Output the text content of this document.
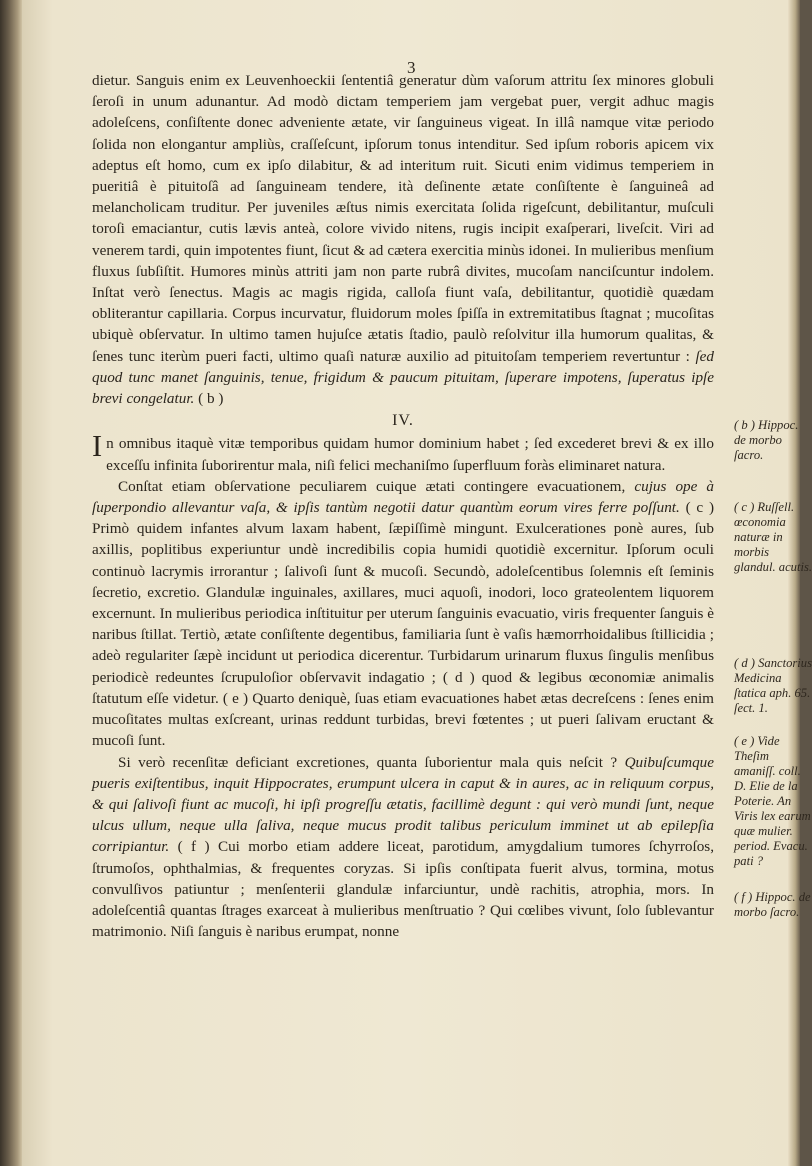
3

dietur. Sanguis enim ex Leuvenhoeckii ſententiâ generatur dùm vaſorum attritu ſex minores globuli ſeroſi in unum adunantur. Ad modò dictam temperiem jam vergebat puer, vergit adhuc magis adoleſcens, conſiſtente donec adveniente ætate, vir ſanguineus vigeat. In illâ namque vitæ periodo ſolida non elongantur ampliùs, craſſeſcunt, ipſorum tonus intenditur. Sed ipſum roboris apicem vix adeptus eſt homo, cum ex ipſo dilabitur, & ad interitum ruit. Sicuti enim vidimus temperiem in pueritiâ è pituitoſâ ad ſanguineam tendere, ità deſinente ætate conſiſtente è ſanguineâ ad melancholicam truditur. Per juveniles æſtus nimis exercitata ſolida rigeſcunt, debilitantur, muſculi toroſi emaciantur, cutis lævis anteà, colore vivido nitens, rugis incipit exaſperari, liveſcit. Viri ad venerem tardi, quin impotentes fiunt, ſicut & ad cætera exercitia minùs idonei. In mulieribus menſium fluxus ſubſiſtit. Humores minùs attriti jam non parte rubrâ divites, mucoſam nanciſcuntur indolem. Inſtat verò ſenectus. Magis ac magis rigida, calloſa fiunt vaſa, debilitantur, quotidiè quædam obliterantur capillaria. Corpus incurvatur, fluidorum moles ſpiſſa in extremitatibus ſtagnat ; mucoſitas ubiquè obſervatur. In ultimo tamen hujuſce ætatis ſtadio, paulò reſolvitur illa humorum qualitas, & ſenes tunc iterùm pueri facti, ultimo quaſi naturæ auxilio ad pituitoſam temperiem revertuntur : ſed quod tunc manet ſanguinis, tenue, frigidum & paucum pituitam, ſuperare impotens, ſuperatus ipſe brevi congelatur. ( b )

IV.

In omnibus itaquè vitæ temporibus quidam humor dominium habet ; ſed excederet brevi & ex illo exceſſu infinita ſuborirentur mala, niſi felici mechaniſmo ſuperfluum foràs eliminaret natura.

Conſtat etiam obſervatione peculiarem cuique ætati contingere evacuationem, cujus ope à ſuperpondio allevantur vaſa, & ipſis tantùm negotii datur quantùm eorum vires ferre poſſunt. ( c ) Primò quidem infantes alvum laxam habent, ſæpiſſimè mingunt. Exulcerationes ponè aures, ſub axillis, poplitibus experiuntur undè incredibilis copia humidi quotidiè excernitur. Ipſorum oculi continuò lacrymis irrorantur ; ſalivoſi ſunt & mucoſi. Secundò, adoleſcentibus ſolemnis eſt ſeminis ſecretio, excretio. Glandulæ inguinales, axillares, muci aquoſi, inodori, loco grateolentem liquorem excernunt. In mulieribus periodica inſtituitur per uterum ſanguinis evacuatio, viris frequenter ſanguis è naribus ſtillat. Tertiò, ætate conſiſtente degentibus, familiaria ſunt è vaſis hæmorrhoidalibus ſtillicidia ; adeò regulariter ſæpè incidunt ut periodica dicerentur. Turbidarum urinarum fluxus ſingulis menſibus periodicè redeuntes ſcrupuloſior obſervavit indagatio ; ( d ) quod & legibus œconomiæ animalis ſtatutum eſſe videtur. ( e ) Quarto deniquè, ſuas etiam evacuationes habet ætas decreſcens : ſenes enim mucoſitates multas exſcreant, urinas reddunt turbidas, brevi fœtentes ; ut pueri ſalivam eructant & mucoſi ſunt.

Si verò recenſitæ deficiant excretiones, quanta ſuborientur mala quis neſcit ? Quibuſcumque pueris exiſtentibus, inquit Hippocrates, erumpunt ulcera in caput & in aures, ac in reliquum corpus, & qui ſalivoſi fiunt ac mucoſi, hi ipſi progreſſu ætatis, facillimè degunt : qui verò mundi ſunt, neque ulcus ullum, neque ulla ſaliva, neque mucus prodit talibus periculum imminet ut ab epilepſia corripiantur. ( f ) Cui morbo etiam addere liceat, parotidum, amygdalium tumores ſchyrroſos, ſtrumoſos, ophthalmias, & frequentes coryzas. Si ipſis conſtipata fuerit alvus, tormina, motus convulſivos patiuntur ; menſenterii glandulæ infarciuntur, undè rachitis, atrophia, mors. In adoleſcentiâ quantas ſtrages exarceat à mulieribus menſtruatio ? Qui cœlibes vivunt, ſolo ſublevantur matrimonio. Niſi ſanguis è naribus erumpat, nonne

( b ) Hippoc. de morbo ſacro.
( c ) Ruſſell. œconomia naturæ in morbis glandul. acutis.
( d ) Sanctorius Medicina ſtatica aph. 65. ſect. 1.
( e ) Vide Theſim amaniſſ. coll. D. Elie de la Poterie. An Viris lex earum quæ mulier. period. Evacu. pati ?
( f ) Hippoc. de morbo ſacro.
